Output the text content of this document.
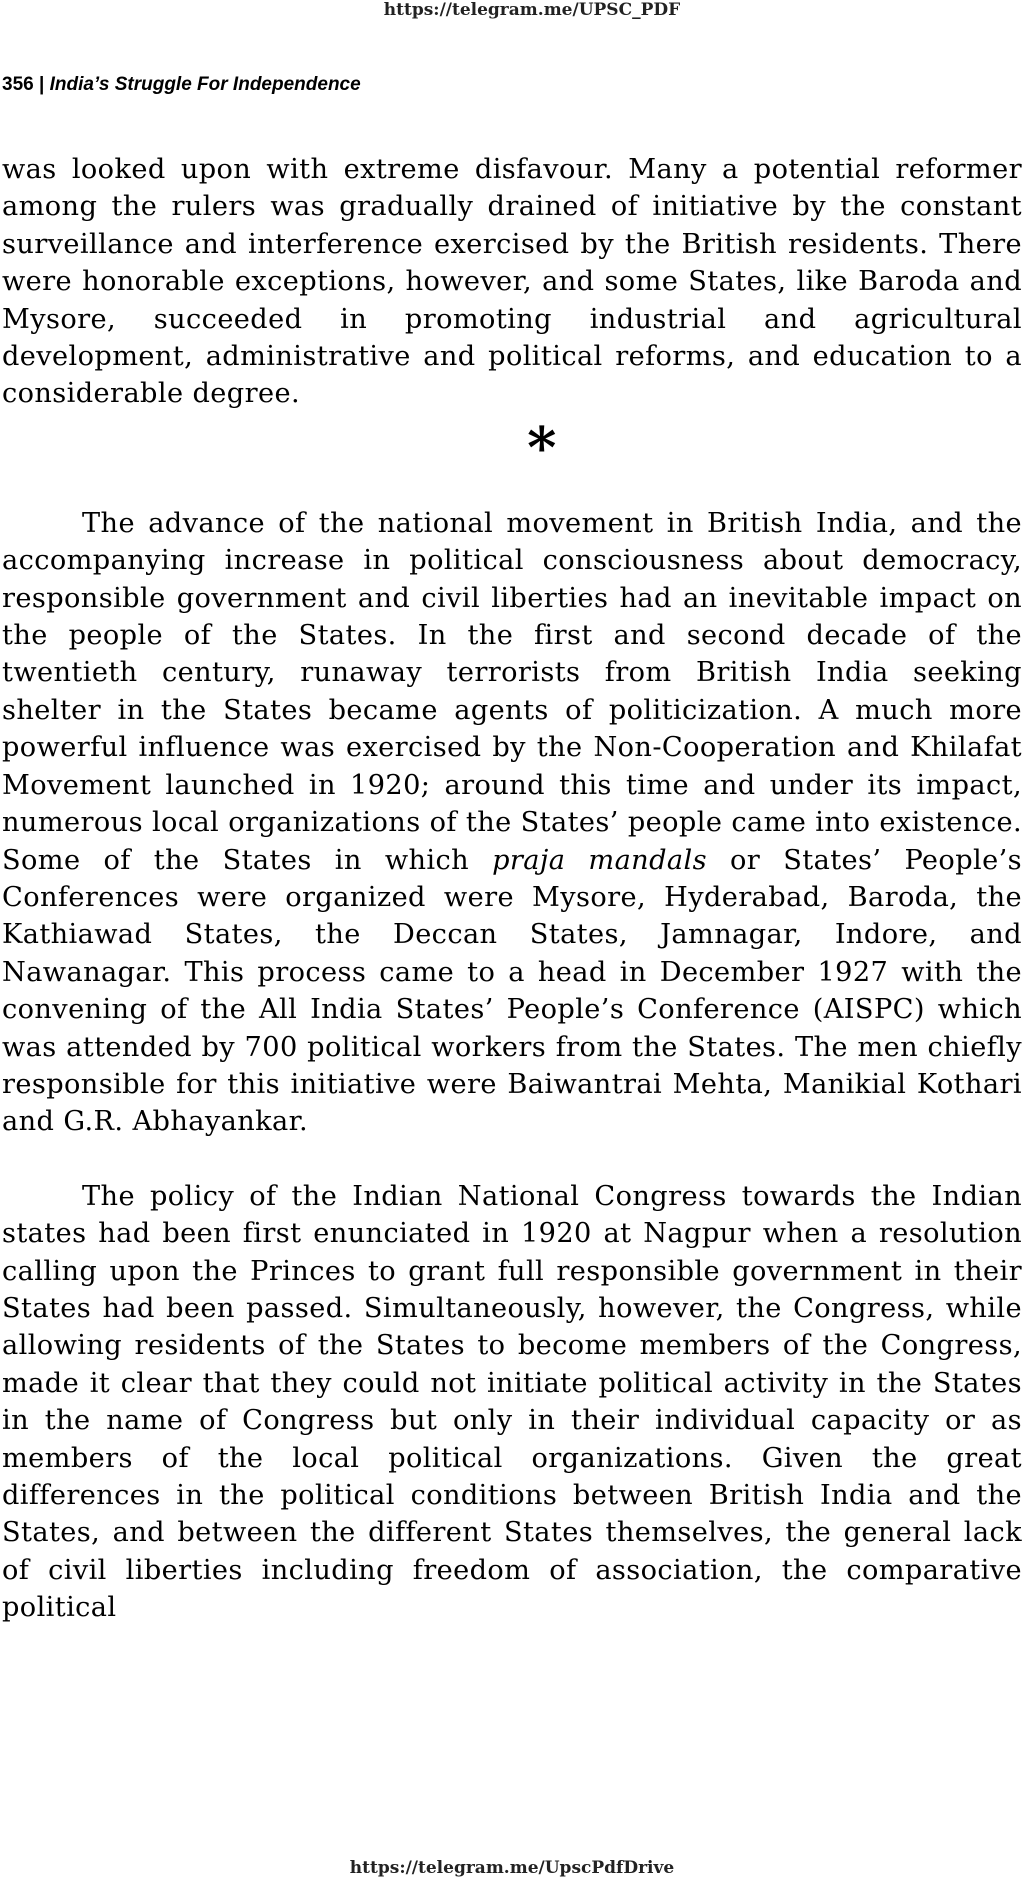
https://telegram.me/UPSC_PDF
356 | India’s Struggle For Independence

was looked upon with extreme disfavour. Many a potential reformer among the rulers was gradually drained of initiative by the constant surveillance and interference exercised by the British residents. There were honorable exceptions, however, and some States, like Baroda and Mysore, succeeded in promoting industrial and agricultural development, administrative and political reforms, and education to a considerable degree.

*

The advance of the national movement in British India, and the accompanying increase in political consciousness about democracy, responsible government and civil liberties had an inevitable impact on the people of the States. In the first and second decade of the twentieth century, runaway terrorists from British India seeking shelter in the States became agents of politicization. A much more powerful influence was exercised by the Non-Cooperation and Khilafat Movement launched in 1920; around this time and under its impact, numerous local organizations of the States’ people came into existence. Some of the States in which praja mandals or States’ People’s Conferences were organized were Mysore, Hyderabad, Baroda, the Kathiawad States, the Deccan States, Jamnagar, Indore, and Nawanagar. This process came to a head in December 1927 with the convening of the All India States’ People’s Conference (AISPC) which was attended by 700 political workers from the States. The men chiefly responsible for this initiative were Baiwantrai Mehta, Manikial Kothari and G.R. Abhayankar.

The policy of the Indian National Congress towards the Indian states had been first enunciated in 1920 at Nagpur when a resolution calling upon the Princes to grant full responsible government in their States had been passed. Simultaneously, however, the Congress, while allowing residents of the States to become members of the Congress, made it clear that they could not initiate political activity in the States in the name of Congress but only in their individual capacity or as members of the local political organizations. Given the great differences in the political conditions between British India and the States, and between the different States themselves, the general lack of civil liberties including freedom of association, the comparative political

https://telegram.me/UpscPdfDrive
